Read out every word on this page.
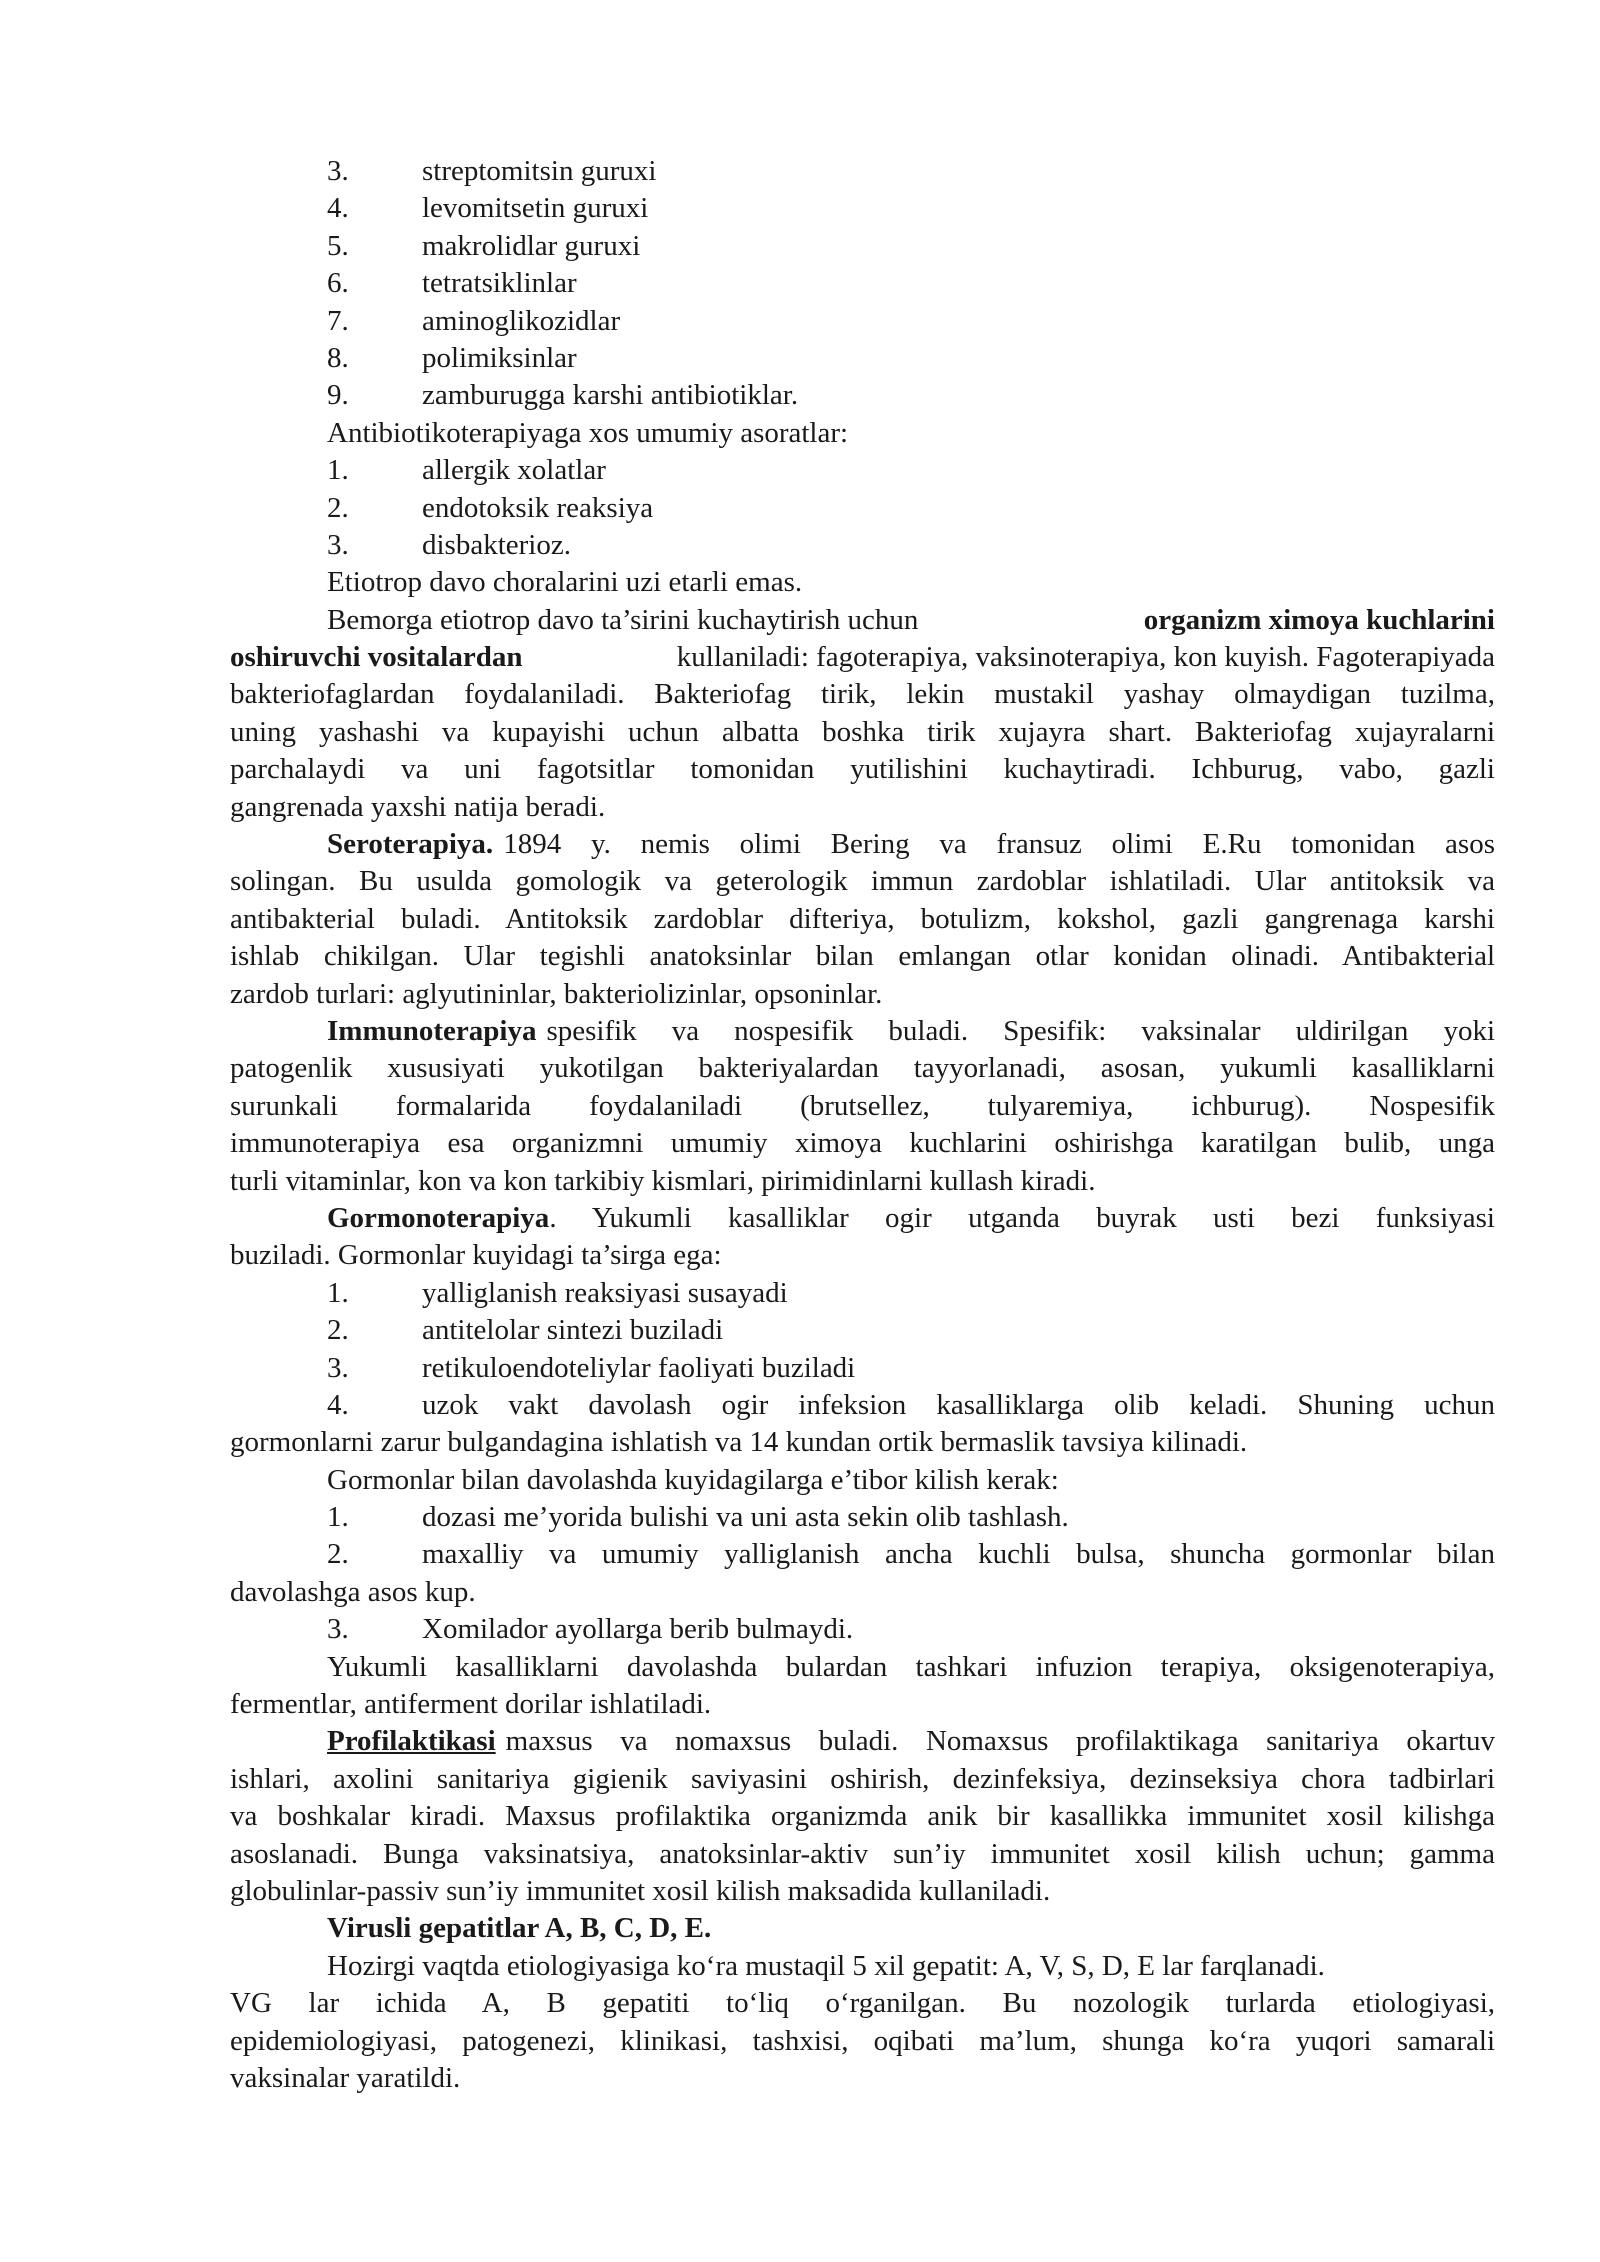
3.	streptomitsin guruxi
4.	levomitsetin guruxi
5.	makrolidlar guruxi
6.	tetratsiklinlar
7.	aminoglikozidlar
8.	polimiksinlar
9.	zamburugga karshi antibiotiklar.
Antibiotikoterapiyaga xos umumiy asoratlar:
1.	allergik xolatlar
2.	endotoksik reaksiya
3.	disbakterioz.
Etiotrop davo choralarini uzi etarli emas.
Bemorga etiotrop davo ta’sirini kuchaytirish uchun	organizm ximoya kuchlarini
oshiruvchi vositalardan	kullaniladi: fagoterapiya, vaksinoterapiya, kon kuyish. Fagoterapiyada
bakteriofaglardan foydalaniladi. Bakteriofag tirik, lekin mustakil yashay olmaydigan tuzilma,
uning yashashi va kupayishi uchun albatta boshka tirik xujayra shart. Bakteriofag xujayralarni
parchalaydi va uni fagotsitlar tomonidan yutilishini kuchaytiradi. Ichburug, vabo, gazli
gangrenada yaxshi natija beradi.
Seroterapiya. 1894 y. nemis olimi Bering va fransuz olimi E.Ru tomonidan asos
solingan. Bu usulda gomologik va geterologik immun zardoblar ishlatiladi. Ular antitoksik va
antibakterial buladi. Antitoksik zardoblar difteriya, botulizm, kokshol, gazli gangrenaga karshi
ishlab chikilgan. Ular tegishli anatoksinlar bilan emlangan otlar konidan olinadi. Antibakterial
zardob turlari: aglyutininlar, bakteriolizinlar, opsoninlar.
Immunoterapiya spesifik va nospesifik buladi. Spesifik: vaksinalar uldirilgan yoki
patogenlik xususiyati yukotilgan bakteriyalardan tayyorlanadi, asosan, yukumli kasalliklarni
surunkali formalarida foydalaniladi (brutsellez, tulyaremiya, ichburug). Nospesifik
immunoterapiya esa organizmni umumiy ximoya kuchlarini oshirishga karatilgan bulib, unga
turli vitaminlar, kon va kon tarkibiy kismlari, pirimidinlarni kullash kiradi.
Gormonoterapiya . Yukumli kasalliklar ogir utganda buyrak usti bezi funksiyasi
buziladi. Gormonlar kuyidagi ta’sirga ega:
1.	yalliglanish reaksiyasi susayadi
2.	antitelolar sintezi buziladi
3.	retikuloendoteliylar faoliyati buziladi
4.	uzok vakt davolash ogir infeksion kasalliklarga olib keladi. Shuning uchun
gormonlarni zarur bulgandagina ishlatish va 14 kundan ortik bermaslik tavsiya kilinadi.
Gormonlar bilan davolashda kuyidagilarga e’tibor kilish kerak:
1.	dozasi me’yorida bulishi va uni asta sekin olib tashlash.
2.	maxalliy va umumiy yalliglanish ancha kuchli bulsa, shuncha gormonlar bilan
davolashga asos kup.
3.	Xomilador ayollarga berib bulmaydi.
Yukumli kasalliklarni davolashda bulardan tashkari infuzion terapiya, oksigenoterapiya,
fermentlar, antiferment dorilar ishlatiladi.
Profilaktikasi maxsus va nomaxsus buladi. Nomaxsus profilaktikaga sanitariya okartuv
ishlari, axolini sanitariya gigienik saviyasini oshirish, dezinfeksiya, dezinseksiya chora tadbirlari
va boshkalar kiradi. Maxsus profilaktika organizmda anik bir kasallikka immunitet xosil kilishga
asoslanadi. Bunga vaksinatsiya, anatoksinlar-aktiv sun’iy immunitet xosil kilish uchun; gamma
globulinlar-passiv sun’iy immunitet xosil kilish maksadida kullaniladi.
Virusli gepatitlar A, B, C, D, E.
Hozirgi vaqtda etiologiyasiga ko‘ra mustaqil 5 xil gepatit: A, V, S, D, E lar farqlanadi.
VG lar ichida A, B gepatiti to‘liq o‘rganilgan. Bu nozologik turlarda etiologiyasi,
epidemiologiyasi, patogenezi, klinikasi, tashxisi, oqibati ma’lum, shunga ko‘ra yuqori samarali
vaksinalar yaratildi.
